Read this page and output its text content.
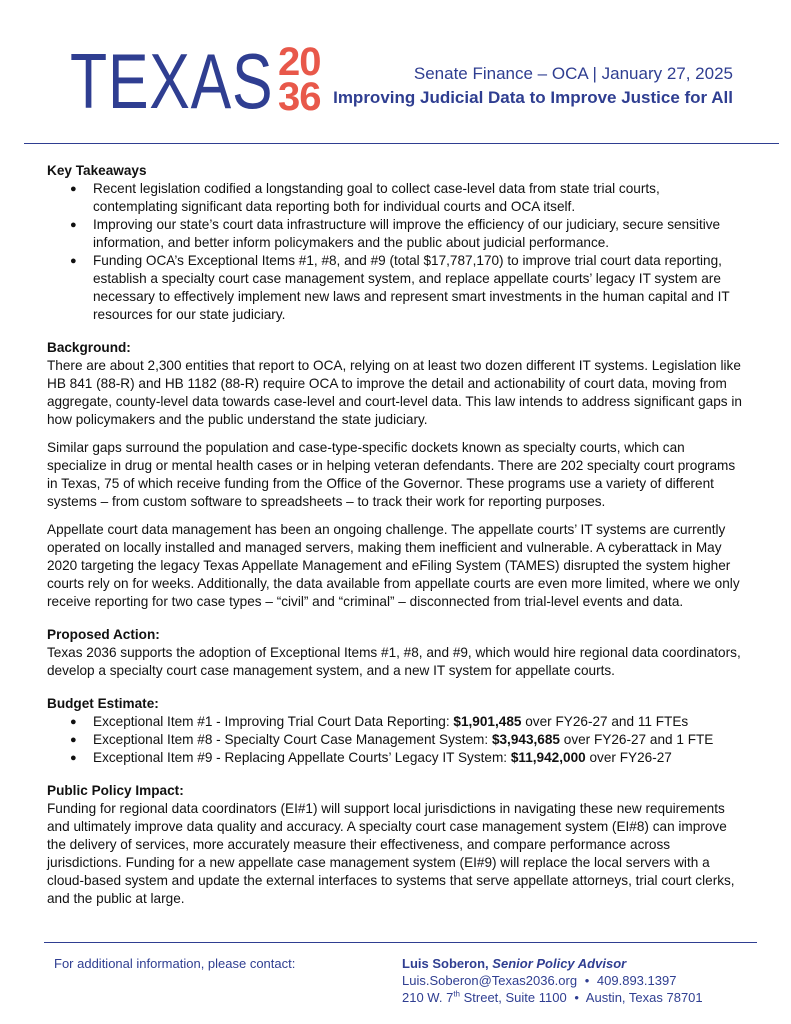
TEXAS 20
36
Senate Finance – OCA | January 27, 2025
Improving Judicial Data to Improve Justice for All
Key Takeaways
● Recent legislation codified a longstanding goal to collect case-level data from state trial courts, contemplating significant data reporting both for individual courts and OCA itself.
● Improving our state’s court data infrastructure will improve the efficiency of our judiciary, secure sensitive information, and better inform policymakers and the public about judicial performance.
● Funding OCA’s Exceptional Items #1, #8, and #9 (total $17,787,170) to improve trial court data reporting, establish a specialty court case management system, and replace appellate courts’ legacy IT system are necessary to effectively implement new laws and represent smart investments in the human capital and IT resources for our state judiciary.
Background:

There are about 2,300 entities that report to OCA, relying on at least two dozen different IT systems. Legislation like HB 841 (88-R) and HB 1182 (88-R) require OCA to improve the detail and actionability of court data, moving from aggregate, county-level data towards case-level and court-level data. This law intends to address significant gaps in how policymakers and the public understand the state judiciary.

Similar gaps surround the population and case-type-specific dockets known as specialty courts, which can specialize in drug or mental health cases or in helping veteran defendants. There are 202 specialty court programs in Texas, 75 of which receive funding from the Office of the Governor. These programs use a variety of different systems – from custom software to spreadsheets – to track their work for reporting purposes.

Appellate court data management has been an ongoing challenge. The appellate courts’ IT systems are currently operated on locally installed and managed servers, making them inefficient and vulnerable. A cyberattack in May 2020 targeting the legacy Texas Appellate Management and eFiling System (TAMES) disrupted the system higher courts rely on for weeks. Additionally, the data available from appellate courts are even more limited, where we only receive reporting for two case types – “civil” and “criminal” – disconnected from trial-level events and data.

Proposed Action:

Texas 2036 supports the adoption of Exceptional Items #1, #8, and #9, which would hire regional data coordinators, develop a specialty court case management system, and a new IT system for appellate courts.

Budget Estimate:
● Exceptional Item #1 - Improving Trial Court Data Reporting: $1,901,485 over FY26-27 and 11 FTEs
● Exceptional Item #8 - Specialty Court Case Management System: $3,943,685 over FY26-27 and 1 FTE
● Exceptional Item #9 - Replacing Appellate Courts’ Legacy IT System: $11,942,000 over FY26-27
Public Policy Impact:

Funding for regional data coordinators (EI#1) will support local jurisdictions in navigating these new requirements and ultimately improve data quality and accuracy. A specialty court case management system (EI#8) can improve the delivery of services, more accurately measure their effectiveness, and compare performance across jurisdictions. Funding for a new appellate case management system (EI#9) will replace the local servers with a cloud-based system and update the external interfaces to systems that serve appellate attorneys, trial court clerks, and the public at large.

For additional information, please contact:	Luis Soberon, Senior Policy Advisor
Luis.Soberon@Texas2036.org • 409.893.1397
210 W. 7th Street, Suite 1100 • Austin, Texas 78701
